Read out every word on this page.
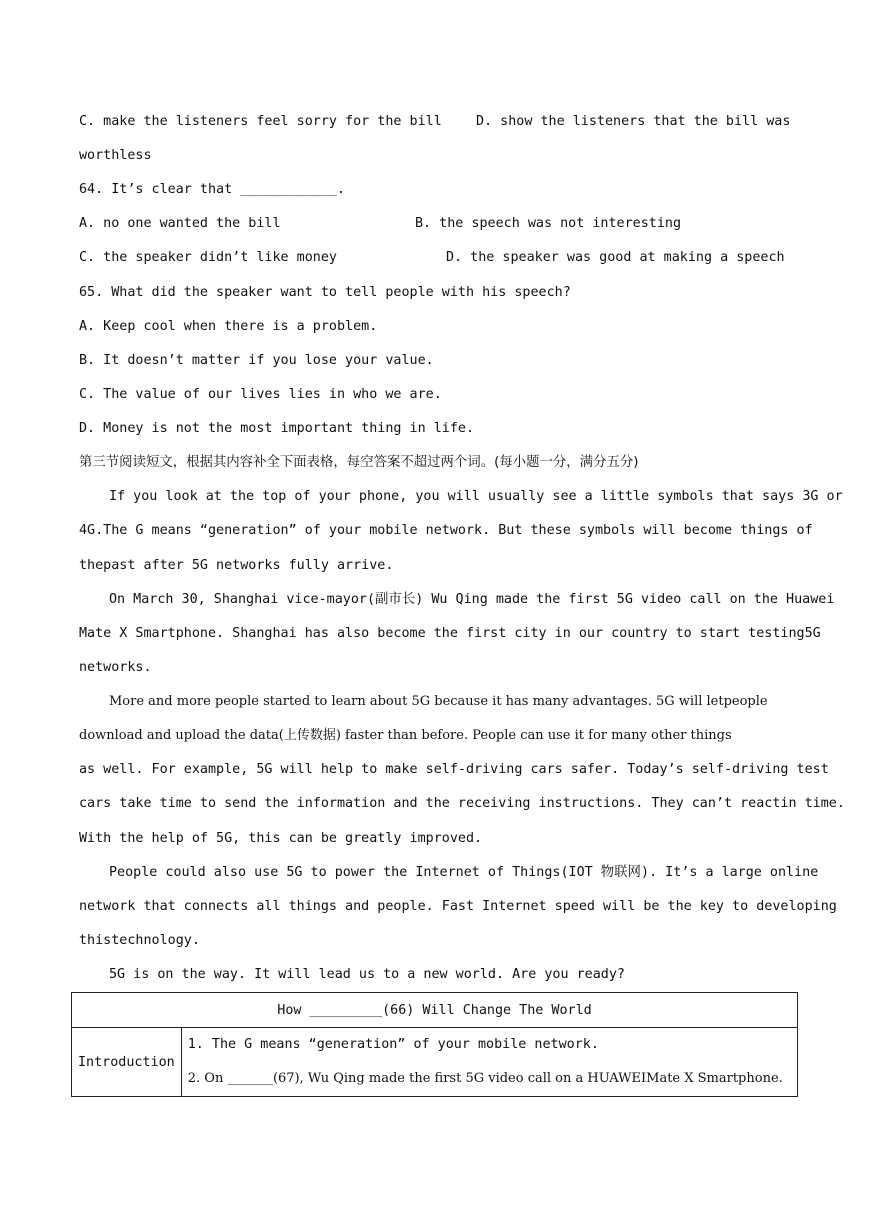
C. make the listeners feel sorry for the bill	D. show the listeners that the bill was
worthless
64. It’s clear that ____________.
A. no one wanted the bill	B. the speech was not interesting
C. the speaker didn’t like money	D. the speaker was good at making a speech
65. What did the speaker want to tell people with his speech?
A. Keep cool when there is a problem.
B. It doesn’t matter if you lose your value.
C. The value of our lives lies in who we are.
D. Money is not the most important thing in life.
第三节阅读短文，根据其内容补全下面表格，每空答案不超过两个词。(每小题一分，满分五分)
If you look at the top of your phone, you will usually see a little symbols that says 3G or
4G.The G means “generation” of your mobile network. But these symbols will become things of
thepast after 5G networks fully arrive.
On March 30, Shanghai vice-mayor(副市长) Wu Qing made the first 5G video call on the Huawei
Mate X Smartphone. Shanghai has also become the first city in our country to start testing5G
networks.
More and more people started to learn about 5G because it has many advantages. 5G will letpeople
download and upload the data(上传数据) faster than before. People can use it for many other things
as well. For example, 5G will help to make self-driving cars safer. Today’s self-driving test
cars take time to send the information and the receiving instructions. They can’t reactin time.
With the help of 5G, this can be greatly improved.
People could also use 5G to power the Internet of Things(IOT 物联网). It’s a large online
network that connects all things and people. Fast Internet speed will be the key to developing
thistechnology.
5G is on the way. It will lead us to a new world. Are you ready?
How _________(66) Will Change The World
Introduction	
1. The G means “generation” of your mobile network.
2. On _______(67), Wu Qing made the first 5G video call on a HUAWEIMate X Smartphone.
